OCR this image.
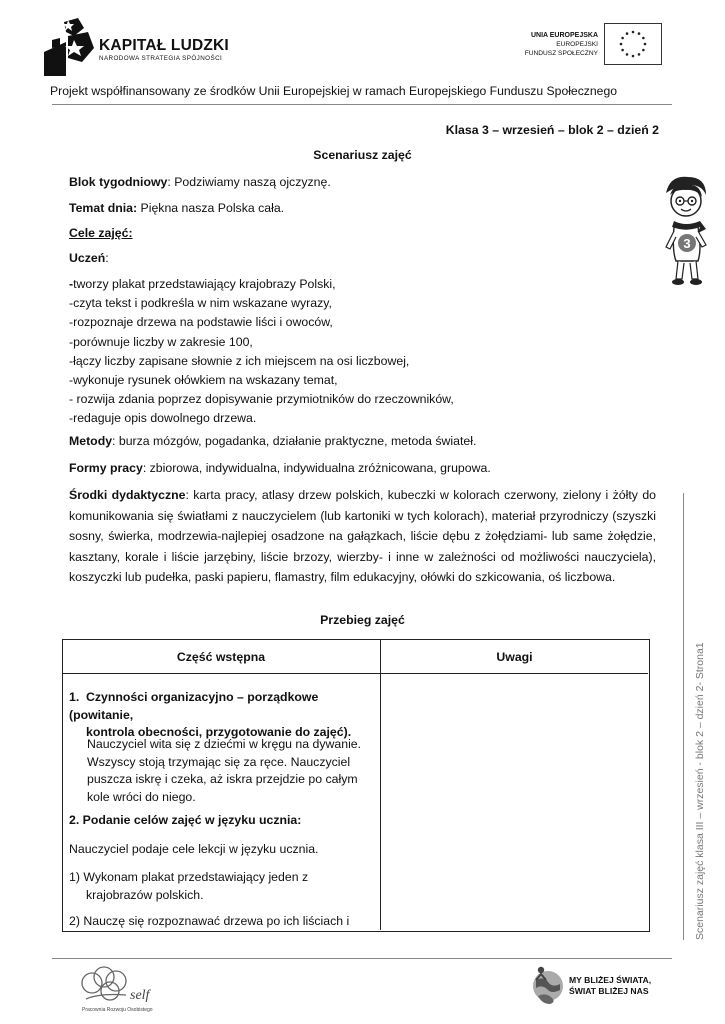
KAPITAŁ LUDZKI
NARODOWA STRATEGIA SPÓJNOŚCI
UNIA EUROPEJSKA
EUROPEJSKI
FUNDUSZ SPOŁECZNY
Projekt współfinansowany ze środków Unii Europejskiej w ramach Europejskiego Funduszu Społecznego
3
Klasa 3 – wrzesień – blok 2 – dzień 2
Scenariusz zajęć
Blok tygodniowy: Podziwiamy naszą ojczyznę.
Temat dnia: Piękna nasza Polska cała.
Cele zajęć:
Uczeń:
-tworzy plakat przedstawiający krajobrazy Polski,
-czyta tekst i podkreśla w nim wskazane wyrazy,
-rozpoznaje drzewa na podstawie liści i owoców,
-porównuje liczby w zakresie 100,
-łączy liczby zapisane słownie z ich miejscem na osi liczbowej,
-wykonuje rysunek ołówkiem na wskazany temat,
- rozwija zdania poprzez dopisywanie przymiotników do rzeczowników,
-redaguje opis dowolnego drzewa.
Metody: burza mózgów, pogadanka, działanie praktyczne, metoda świateł.
Formy pracy: zbiorowa, indywidualna, indywidualna zróżnicowana, grupowa.
Środki dydaktyczne: karta pracy, atlasy drzew polskich, kubeczki w kolorach czerwony, zielony i żółty do komunikowania się światłami z nauczycielem (lub kartoniki w tych kolorach), materiał przyrodniczy (szyszki sosny, świerka, modrzewia-najlepiej osadzone na gałązkach, liście dębu z żołędziami- lub same żołędzie, kasztany, korale i liście jarzębiny, liście brzozy, wierzby- i inne w zależności od możliwości nauczyciela), koszyczki lub pudełka, paski papieru, flamastry, film edukacyjny, ołówki do szkicowania, oś liczbowa.
Przebieg zajęć
Część wstępna	Uwagi
1. Czynności organizacyjno – porządkowe (powitanie,
kontrola obecności, przygotowanie do zajęć).
Nauczyciel wita się z dziećmi w kręgu na dywanie. Wszyscy stoją trzymając się za ręce. Nauczyciel puszcza iskrę i czeka, aż iskra przejdzie po całym kole wróci do niego.
2. Podanie celów zajęć w języku ucznia:
Nauczyciel podaje cele lekcji w języku ucznia.
1) Wykonam plakat przedstawiający jeden z
krajobrazów polskich.
2) Nauczę się rozpoznawać drzewa po ich liściach i	Scenariusz zajęć klasa III – wrzesień - blok 2 – dzień 2- Strona1
self
Pracownia Rozwoju Osobistego
MY BLIŻEJ ŚWIATA,
ŚWIAT BLIŻEJ NAS
